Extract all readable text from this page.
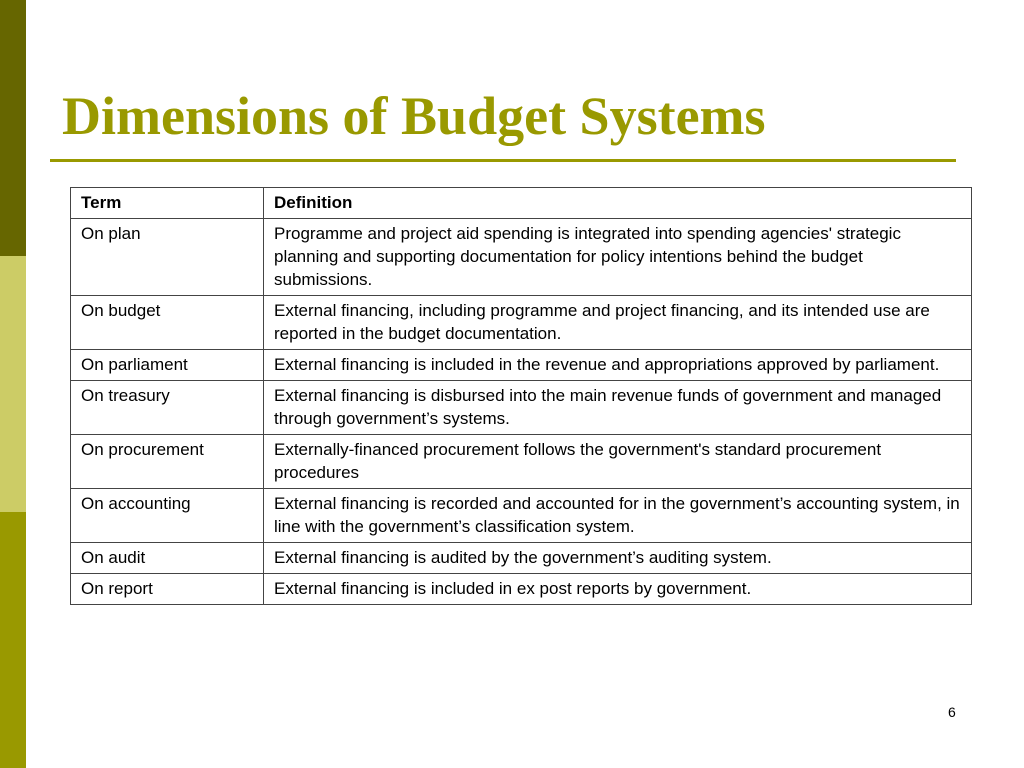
Dimensions of Budget Systems
Term	Definition
On plan	Programme and project aid spending is integrated into spending agencies' strategic planning and supporting documentation for policy intentions behind the budget submissions.
On budget	External financing, including programme and project financing, and its intended use are reported in the budget documentation.
On parliament	External financing is included in the revenue and appropriations approved by parliament.
On treasury	External financing is disbursed into the main revenue funds of government and managed through government’s systems.
On procurement	Externally-financed procurement follows the government's standard procurement procedures
On accounting	External financing is recorded and accounted for in the government’s accounting system, in line with the government’s classification system.
On audit	External financing is audited by the government’s auditing system.
On report	External financing is included in ex post reports by government.
6
